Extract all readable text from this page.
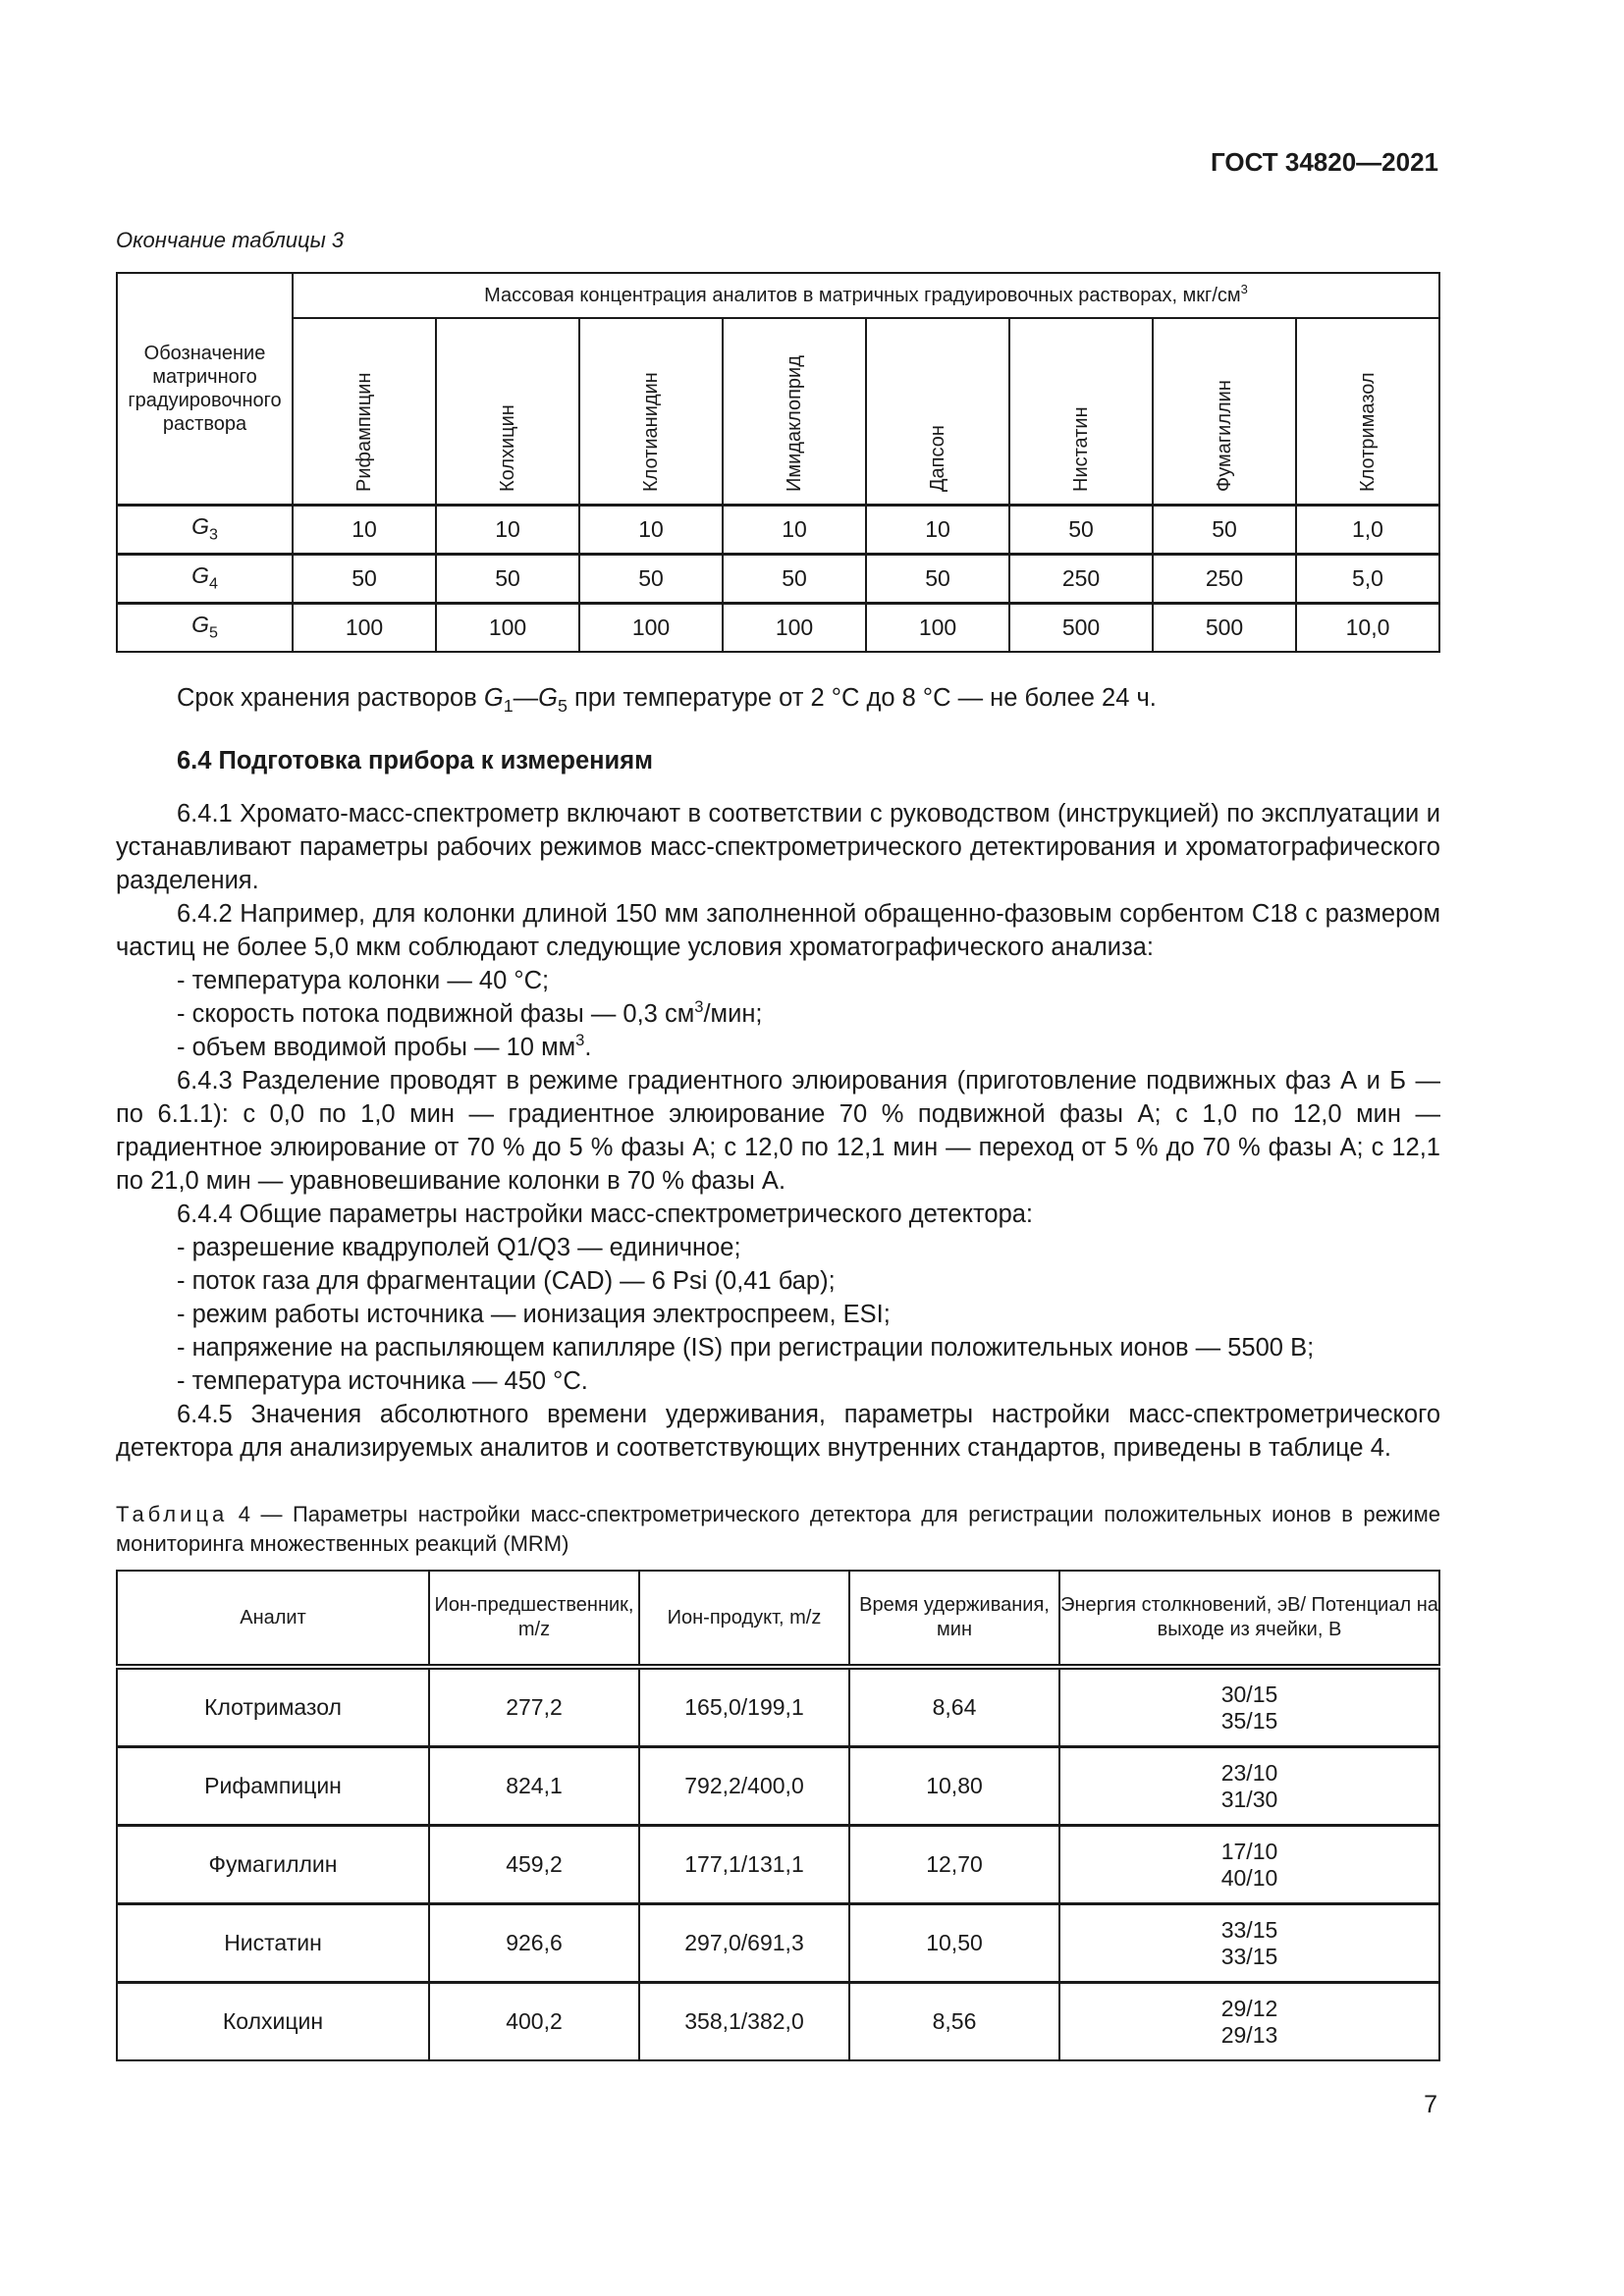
ГОСТ 34820—2021
Окончание таблицы 3
Обозначение матричного градуировочного раствора	Массовая концентрация аналитов в матричных градуировочных растворах, мкг/$см^3$
	Рифампицин	Колхицин	Клотианидин	Имидаклоприд	Дапсон	Нистатин	Фумагиллин	Клотримазол
$G_3$	10	10	10	10	10	50	50	1,0
$G_4$	50	50	50	50	50	250	250	5,0
$G_5$	100	100	100	100	100	500	500	10,0

Срок хранения растворов $G_1—G_5$ при температуре от 2 °С до 8 °С — не более 24 ч.

6.4 Подготовка прибора к измерениям

6.4.1 Хромато-масс-спектрометр включают в соответствии с руководством (инструкцией) по эксплуатации и устанавливают параметры рабочих режимов масс-спектрометрического детектирования и хроматографического разделения.

6.4.2 Например, для колонки длиной 150 мм заполненной обращенно-фазовым сорбентом С18 с размером частиц не более 5,0 мкм соблюдают следующие условия хроматографического анализа:

- температура колонки — 40 °С;

- скорость потока подвижной фазы — 0,3 $см^3$/мин;

- объем вводимой пробы — 10 $мм^3$.

6.4.3 Разделение проводят в режиме градиентного элюирования (приготовление подвижных фаз А и Б — по 6.1.1): с 0,0 по 1,0 мин — градиентное элюирование 70 % подвижной фазы А; с 1,0 по 12,0 мин — градиентное элюирование от 70 % до 5 % фазы А; с 12,0 по 12,1 мин — переход от 5 % до 70 % фазы А; с 12,1 по 21,0 мин — уравновешивание колонки в 70 % фазы А.

6.4.4 Общие параметры настройки масс-спектрометрического детектора:

- разрешение квадруполей Q1/Q3 — единичное;

- поток газа для фрагментации (CAD) — 6 Psi (0,41 бар);

- режим работы источника — ионизация электроспреем, ESI;

- напряжение на распыляющем капилляре (IS) при регистрации положительных ионов — 5500 В;

- температура источника — 450 °С.

6.4.5 Значения абсолютного времени удерживания, параметры настройки масс-спектрометрического детектора для анализируемых аналитов и соответствующих внутренних стандартов, приведены в таблице 4.

Таблица 4 — Параметры настройки масс-спектрометрического детектора для регистрации положительных ионов в режиме мониторинга множественных реакций (MRM)
Аналит	Ион-предшественник, m/z	Ион-продукт, m/z	Время удерживания, мин	Энергия столкновений, эВ/ Потенциал на выходе из ячейки, В
Клотримазол	277,2	165,0/199,1	8,64	30/15
35/15

Рифампицин	824,1	792,2/400,0	10,80	23/10
31/30

Фумагиллин	459,2	177,1/131,1	12,70	17/10
40/10

Нистатин	926,6	297,0/691,3	10,50	33/15
33/15

Колхицин	400,2	358,1/382,0	8,56	29/12
29/13
7
